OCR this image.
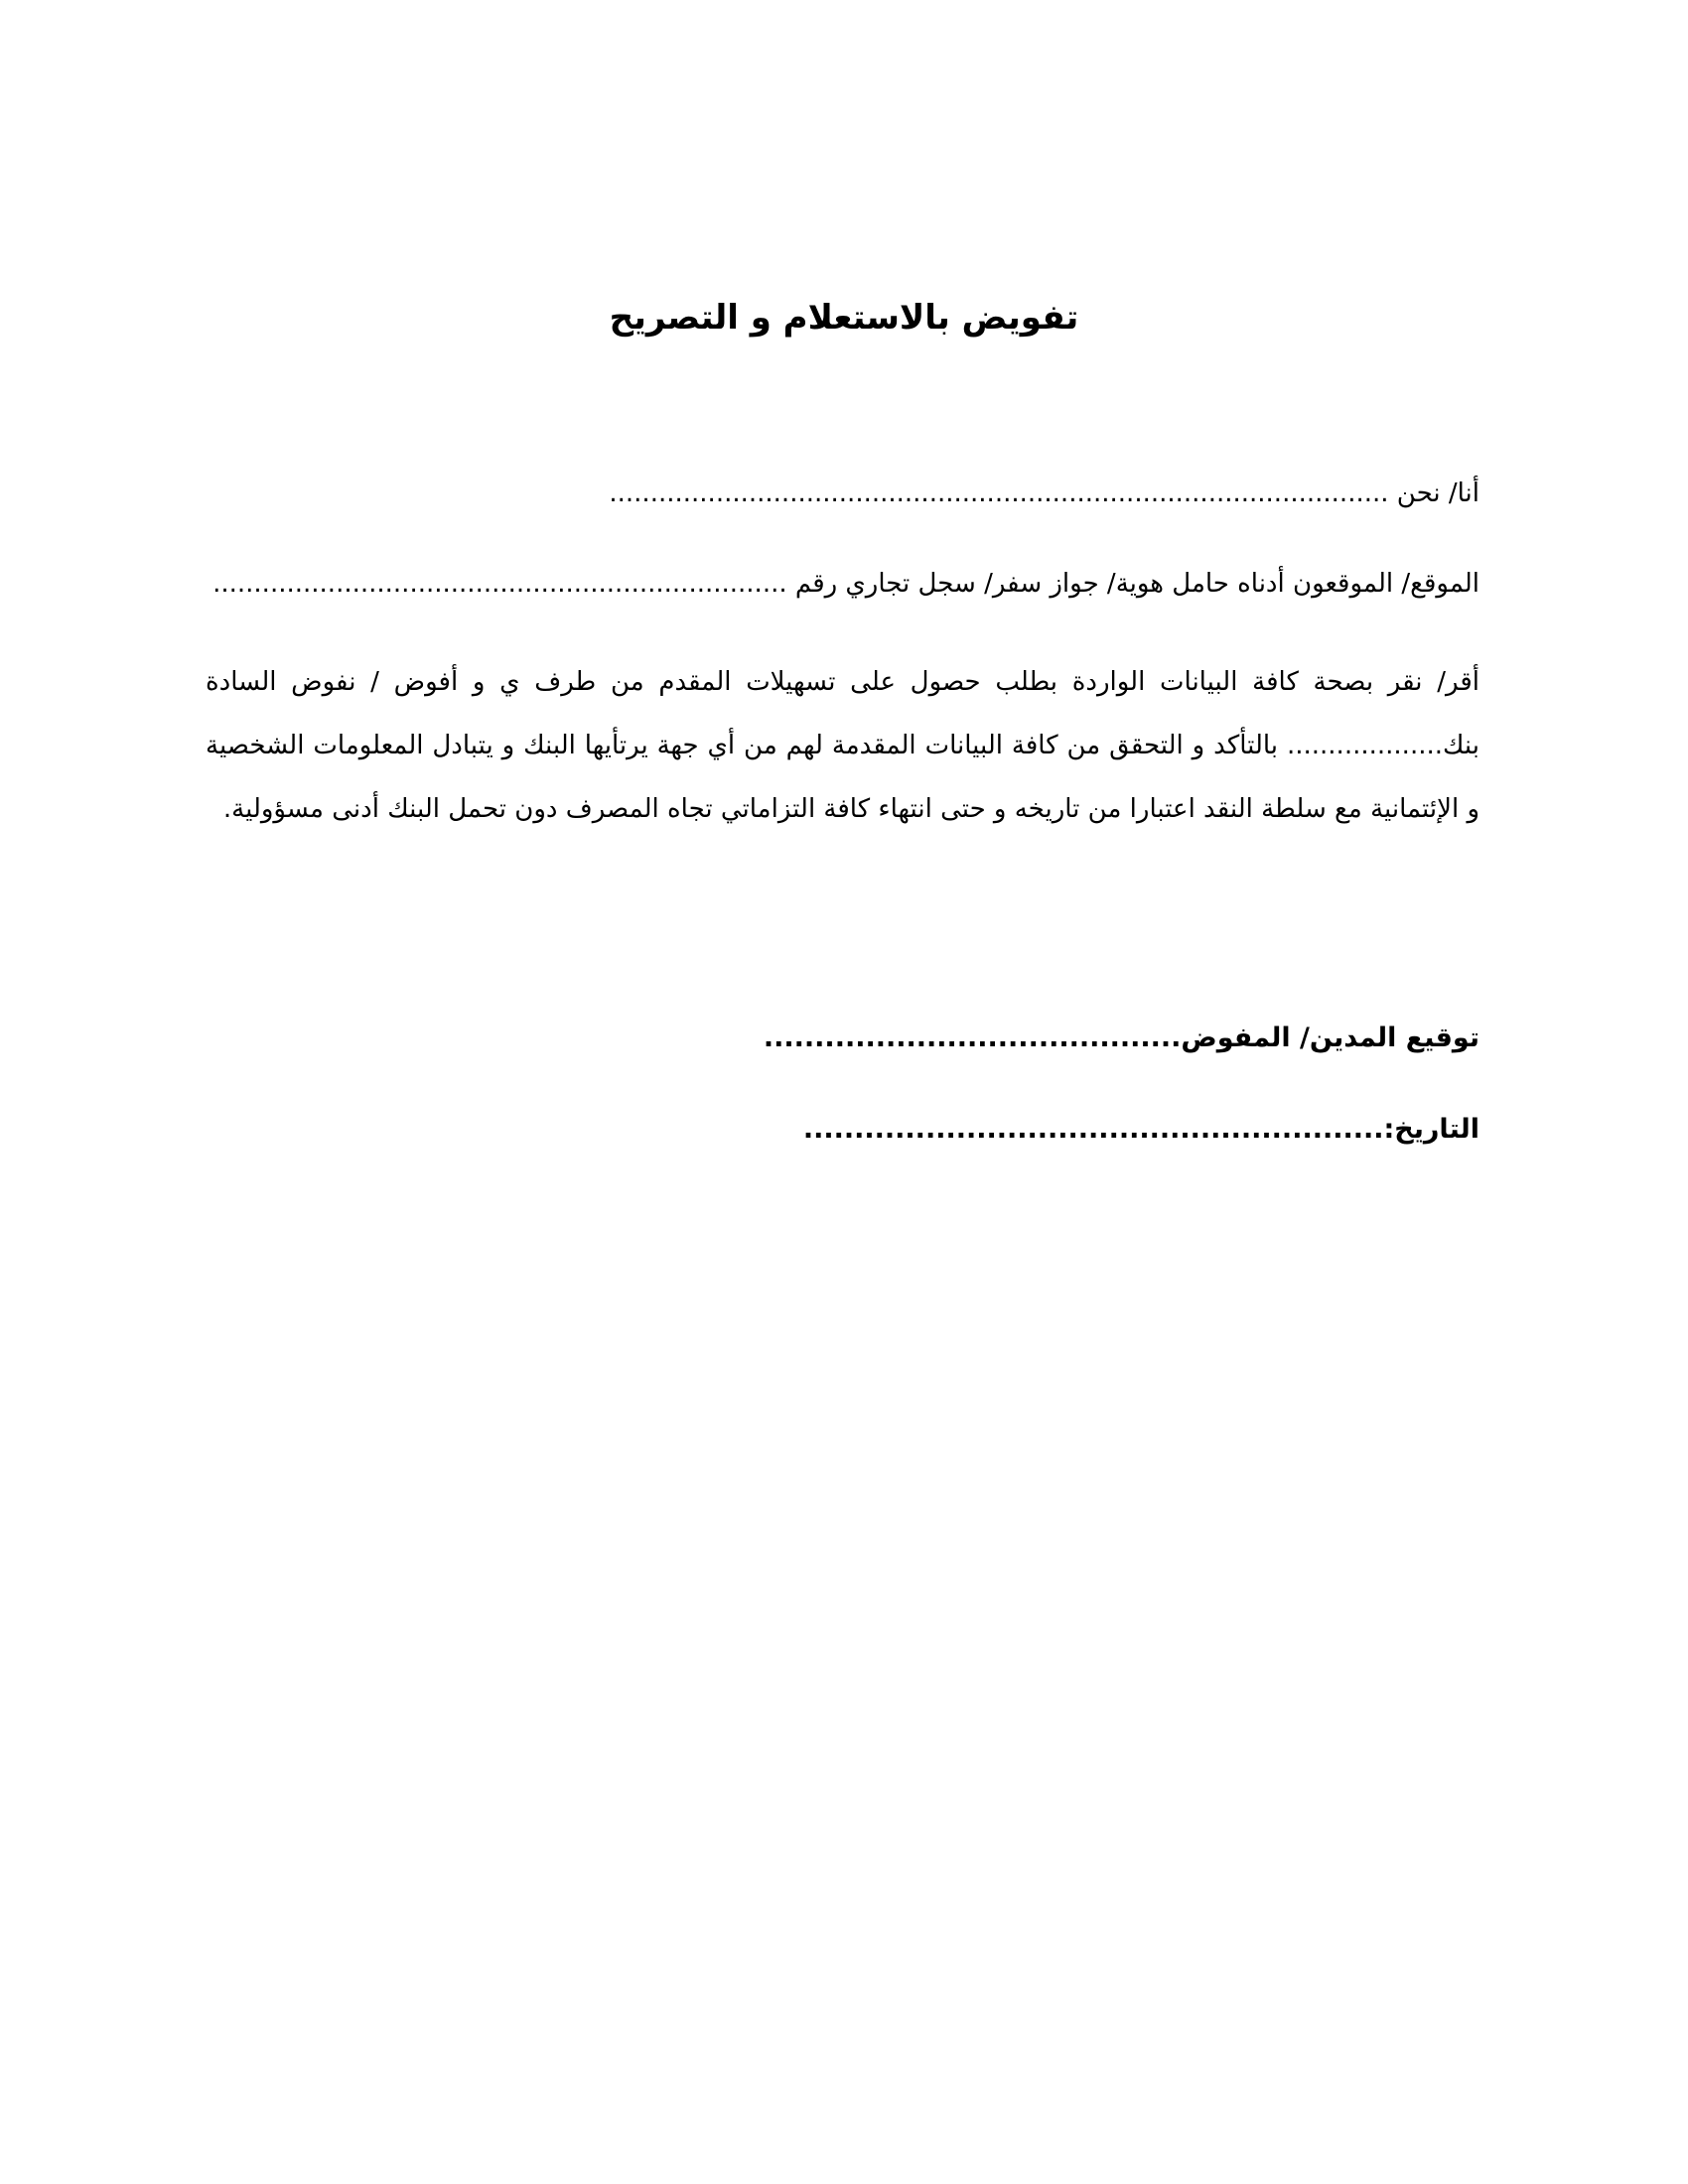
تفويض بالاستعلام و التصريح

أنا/ نحن ...............................................................................................

الموقع/ الموقعون أدناه حامل هوية/ جواز سفر/ سجل تجاري رقم ......................................................................

أقر/ نقر بصحة كافة البيانات الواردة بطلب حصول على تسهيلات المقدم من طرف ي و أفوض / نفوض السادة بنك................... بالتأكد و التحقق من كافة البيانات المقدمة لهم من أي جهة يرتأيها البنك و يتبادل المعلومات الشخصية و الإئتمانية مع سلطة النقد اعتبارا من تاريخه و حتى انتهاء كافة التزاماتي تجاه المصرف دون تحمل البنك أدنى مسؤولية.

توقيع المدين/ المفوض.........................................

التاريخ:.........................................................
